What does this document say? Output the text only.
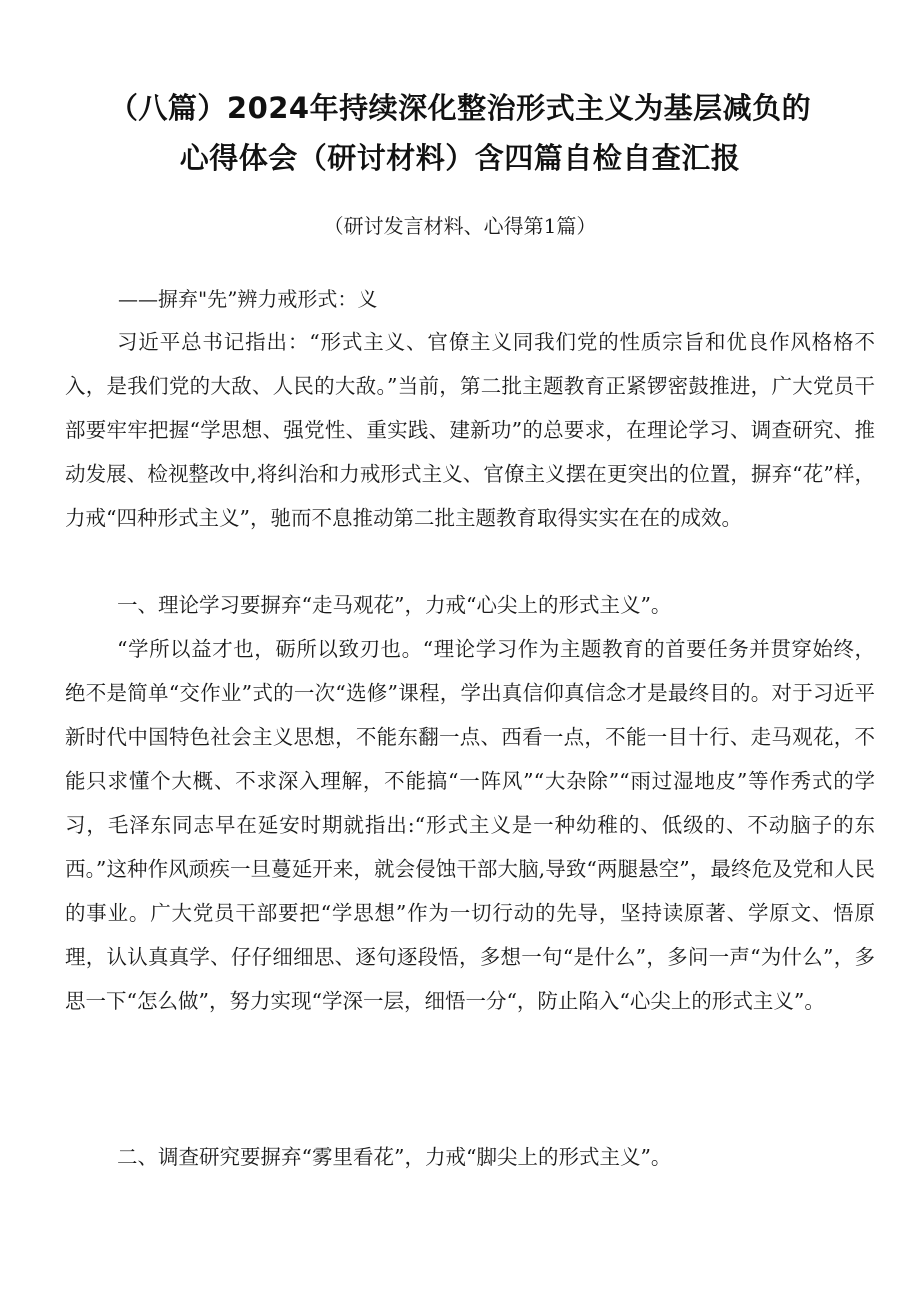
（八篇）2024年持续深化整治形式主义为基层减负的
心得体会（研讨材料）含四篇自检自查汇报
（研讨发言材料、心得第1篇）
——摒弃"先”辨力戒形式：义

习近平总书记指出：“形式主义、官僚主义同我们党的性质宗旨和优良作风格格不入，是我们党的大敌、人民的大敌。”当前，第二批主题教育正紧锣密鼓推进，广大党员干部要牢牢把握“学思想、强党性、重实践、建新功”的总要求，在理论学习、调查研究、推动发展、检视整改中,将纠治和力戒形式主义、官僚主义摆在更突出的位置，摒弃“花”样，力戒“四种形式主义”，驰而不息推动第二批主题教育取得实实在在的成效。

一、理论学习要摒弃“走马观花”，力戒“心尖上的形式主义”。

“学所以益才也，砺所以致刃也。“理论学习作为主题教育的首要任务并贯穿始终，绝不是简单“交作业”式的一次“选修”课程，学出真信仰真信念才是最终目的。对于习近平新时代中国特色社会主义思想，不能东翻一点、西看一点，不能一目十行、走马观花，不能只求懂个大概、不求深入理解，不能搞“一阵风”“大杂除”“雨过湿地皮”等作秀式的学习，毛泽东同志早在延安时期就指出:“形式主义是一种幼稚的、低级的、不动脑子的东西。”这种作风顽疾一旦蔓延开来，就会侵蚀干部大脑,导致“两腿悬空”，最终危及党和人民的事业。广大党员干部要把“学思想”作为一切行动的先导，坚持读原著、学原文、悟原理，认认真真学、仔仔细细思、逐句逐段悟，多想一句“是什么”，多问一声“为什么”，多思一下“怎么做”，努力实现“学深一层，细悟一分“，防止陷入“心尖上的形式主义”。

二、调查研究要摒弃“雾里看花”，力戒“脚尖上的形式主义”。
